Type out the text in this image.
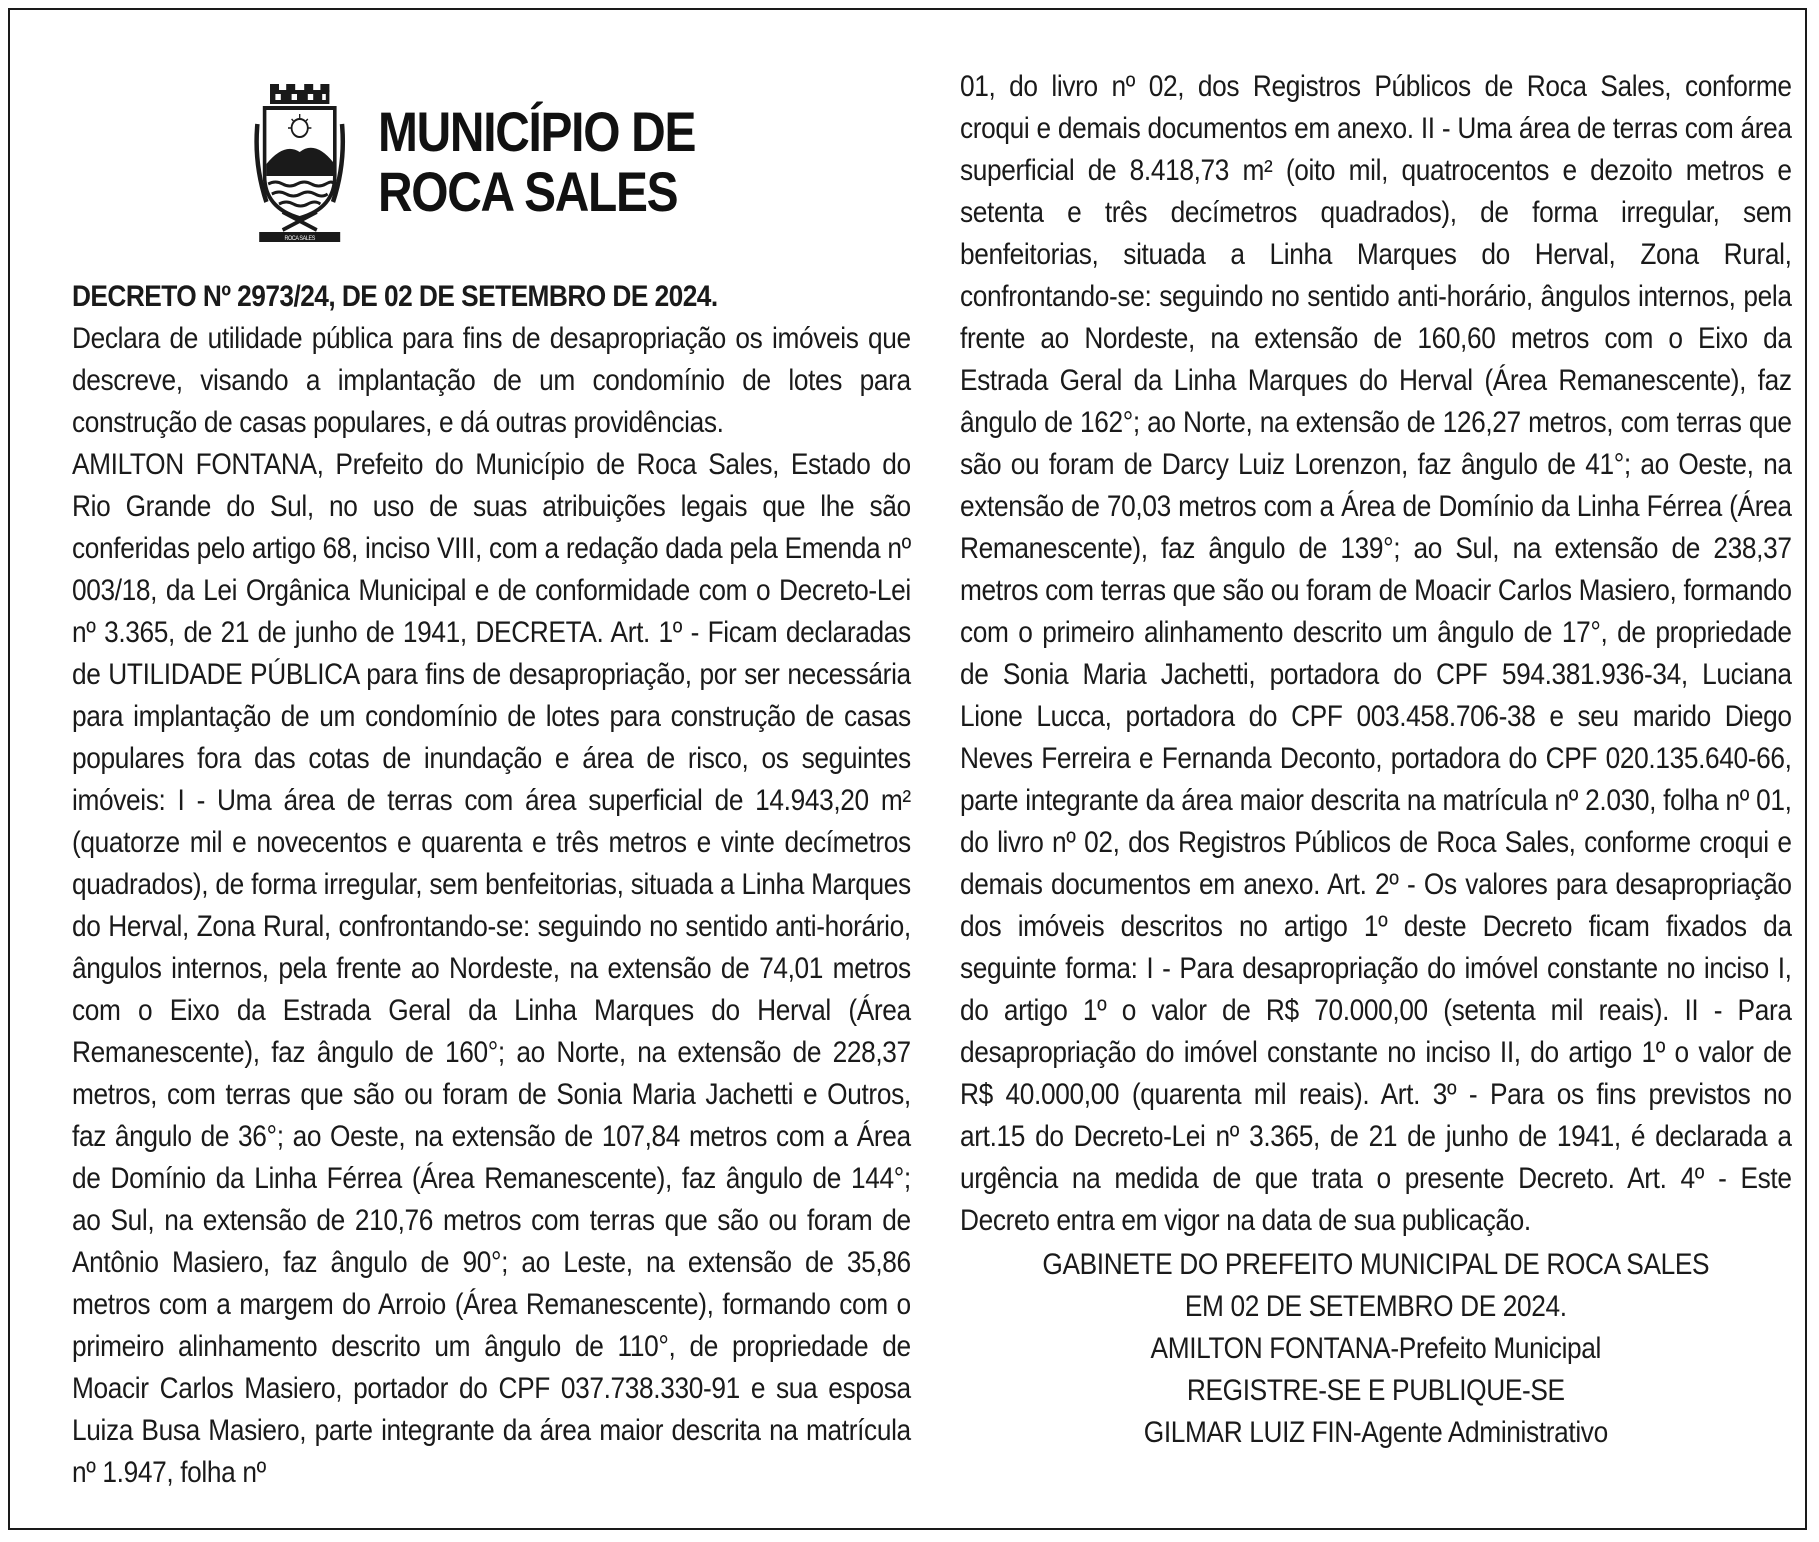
ROCA SALES
MUNICÍPIO DE
ROCA SALES

DECRETO Nº 2973/24, DE 02 DE SETEMBRO DE 2024.

Declara de utilidade pública para fins de desapropriação os imóveis que descreve, visando a implantação de um condomínio de lotes para construção de casas populares, e dá outras providências.

AMILTON FONTANA, Prefeito do Município de Roca Sales, Estado do Rio Grande do Sul, no uso de suas atribuições legais que lhe são conferidas pelo artigo 68, inciso VIII, com a redação dada pela Emenda nº 003/18, da Lei Orgânica Municipal e de conformidade com o Decreto-Lei nº 3.365, de 21 de junho de 1941, DECRETA. Art. 1º - Ficam declaradas de UTILIDADE PÚBLICA para fins de desapropriação, por ser necessária para implantação de um condomínio de lotes para construção de casas populares fora das cotas de inundação e área de risco, os seguintes imóveis: I - Uma área de terras com área superficial de 14.943,20 m² (quatorze mil e novecentos e quarenta e três metros e vinte decímetros quadrados), de forma irregular, sem benfeitorias, situada a Linha Marques do Herval, Zona Rural, confrontando-se: seguindo no sentido anti-horário, ângulos internos, pela frente ao Nordeste, na extensão de 74,01 metros com o Eixo da Estrada Geral da Linha Marques do Herval (Área Remanescente), faz ângulo de 160°; ao Norte, na extensão de 228,37 metros, com terras que são ou foram de Sonia Maria Jachetti e Outros, faz ângulo de 36°; ao Oeste, na extensão de 107,84 metros com a Área de Domínio da Linha Férrea (Área Remanescente), faz ângulo de 144°; ao Sul, na extensão de 210,76 metros com terras que são ou foram de Antônio Masiero, faz ângulo de 90°; ao Leste, na extensão de 35,86 metros com a margem do Arroio (Área Remanescente), formando com o primeiro alinhamento descrito um ângulo de 110°, de propriedade de Moacir Carlos Masiero, portador do CPF 037.738.330-91 e sua esposa Luiza Busa Masiero, parte integrante da área maior descrita na matrícula nº 1.947, folha nº

01, do livro nº 02, dos Registros Públicos de Roca Sales, conforme croqui e demais documentos em anexo. II - Uma área de terras com área superficial de 8.418,73 m² (oito mil, quatrocentos e dezoito metros e setenta e três decímetros quadrados), de forma irregular, sem benfeitorias, situada a Linha Marques do Herval, Zona Rural, confrontando-se: seguindo no sentido anti-horário, ângulos internos, pela frente ao Nordeste, na extensão de 160,60 metros com o Eixo da Estrada Geral da Linha Marques do Herval (Área Remanescente), faz ângulo de 162°; ao Norte, na extensão de 126,27 metros, com terras que são ou foram de Darcy Luiz Lorenzon, faz ângulo de 41°; ao Oeste, na extensão de 70,03 metros com a Área de Domínio da Linha Férrea (Área Remanescente), faz ângulo de 139°; ao Sul, na extensão de 238,37 metros com terras que são ou foram de Moacir Carlos Masiero, formando com o primeiro alinhamento descrito um ângulo de 17°, de propriedade de Sonia Maria Jachetti, portadora do CPF 594.381.936-34, Luciana Lione Lucca, portadora do CPF 003.458.706-38 e seu marido Diego Neves Ferreira e Fernanda Deconto, portadora do CPF 020.135.640-66, parte integrante da área maior descrita na matrícula nº 2.030, folha nº 01, do livro nº 02, dos Registros Públicos de Roca Sales, conforme croqui e demais documentos em anexo. Art. 2º - Os valores para desapropriação dos imóveis descritos no artigo 1º deste Decreto ficam fixados da seguinte forma: I - Para desapropriação do imóvel constante no inciso I, do artigo 1º o valor de R$ 70.000,00 (setenta mil reais). II - Para desapropriação do imóvel constante no inciso II, do artigo 1º o valor de R$ 40.000,00 (quarenta mil reais). Art. 3º - Para os fins previstos no art.15 do Decreto-Lei nº 3.365, de 21 de junho de 1941, é declarada a urgência na medida de que trata o presente Decreto. Art. 4º - Este Decreto entra em vigor na data de sua publicação.

GABINETE DO PREFEITO MUNICIPAL DE ROCA SALES
EM 02 DE SETEMBRO DE 2024.
AMILTON FONTANA-Prefeito Municipal
REGISTRE-SE E PUBLIQUE-SE
GILMAR LUIZ FIN-Agente Administrativo
